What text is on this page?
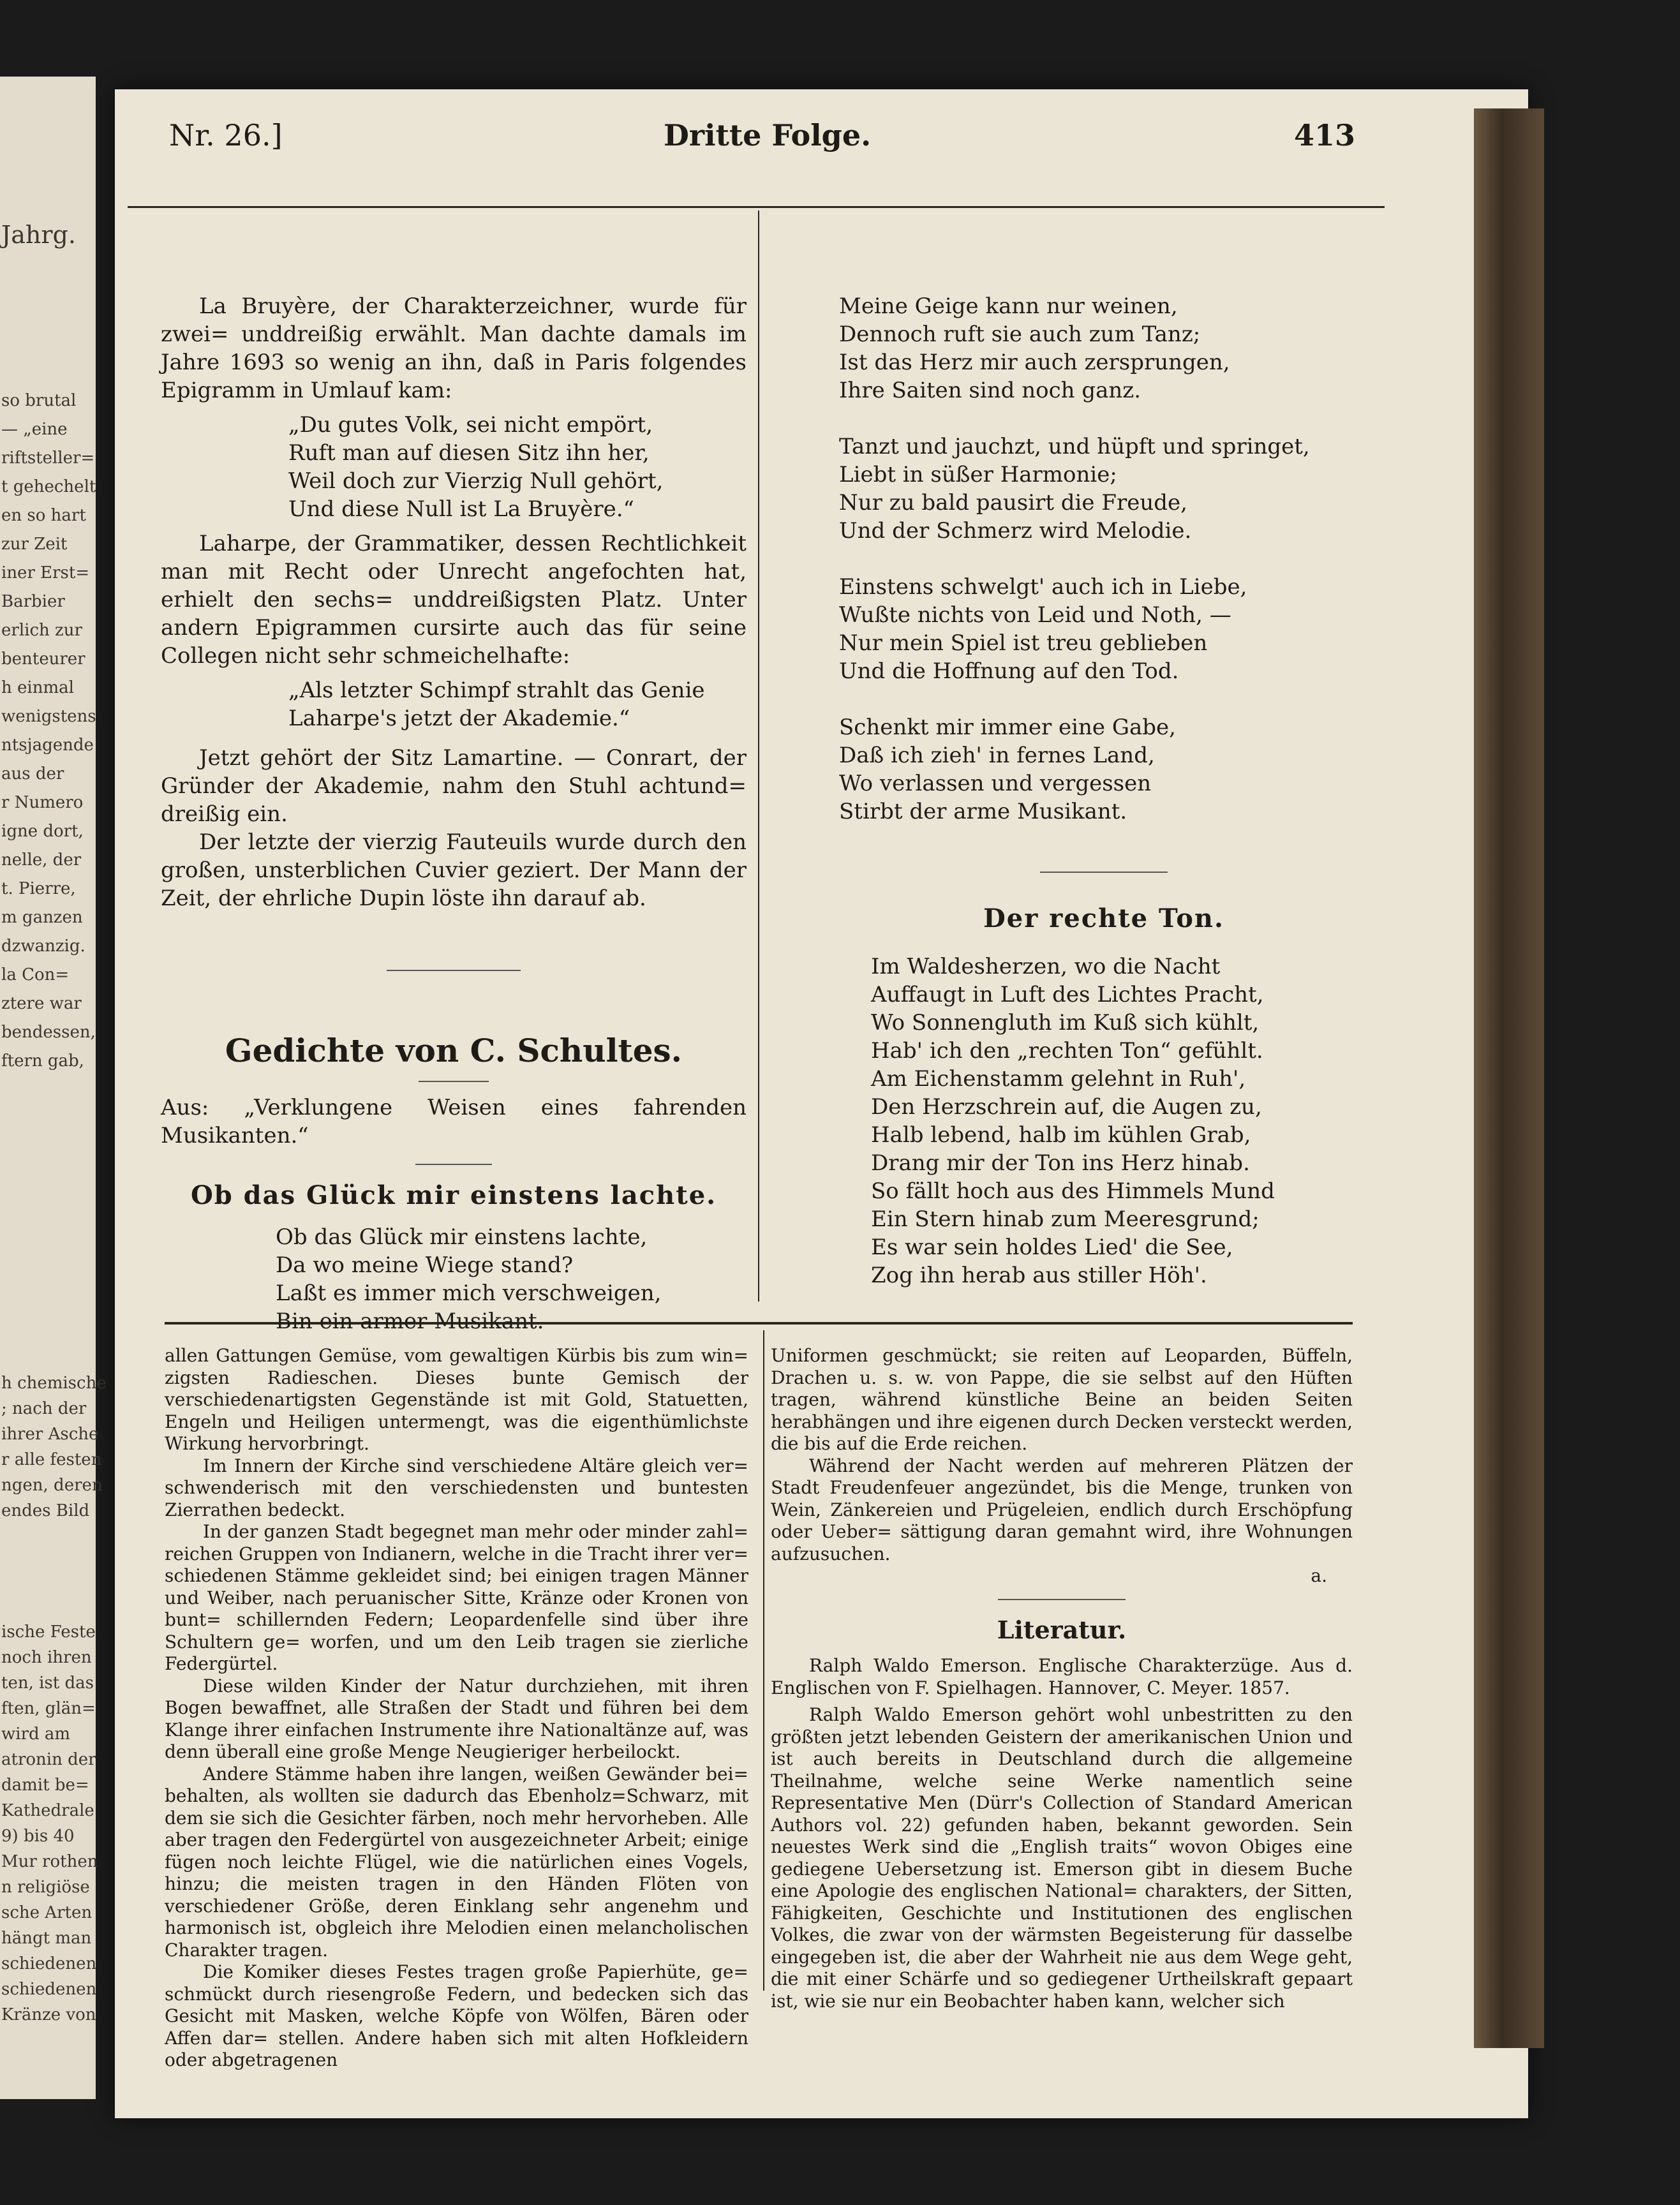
Jahrg.
so brutal
— „eine
riftsteller=
t gehechelt
en so hart
zur Zeit
iner Erst=
Barbier
erlich zur
benteurer
h einmal
wenigstens
ntsjagende
aus der
r Numero
igne dort,
nelle, der
t. Pierre,
m ganzen
dzwanzig.
la Con=
ztere war
bendessen,
ftern gab,
h chemische
; nach der
ihrer Asche
r alle festen
ngen, deren
endes Bild
ische Feste
noch ihren
ten, ist das
ften, glän=
wird am
atronin der
damit be=
Kathedrale
9) bis 40
Mur rothen
n religiöse
sche Arten
hängt man
schiedenen
schiedenen
Kränze von
Nr. 26.]	Dritte Folge.	413

La Bruyère, der Charakterzeichner, wurde für zwei= unddreißig erwählt. Man dachte damals im Jahre 1693 so wenig an ihn, daß in Paris folgendes Epigramm in Umlauf kam:

„Du gutes Volk, sei nicht empört,
Ruft man auf diesen Sitz ihn her,
Weil doch zur Vierzig Null gehört,
Und diese Null ist La Bruyère.“

Laharpe, der Grammatiker, dessen Rechtlichkeit man mit Recht oder Unrecht angefochten hat, erhielt den sechs= unddreißigsten Platz. Unter andern Epigrammen cursirte auch das für seine Collegen nicht sehr schmeichelhafte:

„Als letzter Schimpf strahlt das Genie
Laharpe's jetzt der Akademie.“

Jetzt gehört der Sitz Lamartine. — Conrart, der Gründer der Akademie, nahm den Stuhl achtund= dreißig ein.

Der letzte der vierzig Fauteuils wurde durch den großen, unsterblichen Cuvier geziert. Der Mann der Zeit, der ehrliche Dupin löste ihn darauf ab.

Gedichte von C. Schultes.
Aus: „Verklungene Weisen eines fahrenden Musikanten.“
Ob das Glück mir einstens lachte.
Ob das Glück mir einstens lachte,
Da wo meine Wiege stand?
Laßt es immer mich verschweigen,
Bin ein armer Musikant.
Meine Geige kann nur weinen,
Dennoch ruft sie auch zum Tanz;
Ist das Herz mir auch zersprungen,
Ihre Saiten sind noch ganz.
Tanzt und jauchzt, und hüpft und springet,
Liebt in süßer Harmonie;
Nur zu bald pausirt die Freude,
Und der Schmerz wird Melodie.
Einstens schwelgt' auch ich in Liebe,
Wußte nichts von Leid und Noth, —
Nur mein Spiel ist treu geblieben
Und die Hoffnung auf den Tod.
Schenkt mir immer eine Gabe,
Daß ich zieh' in fernes Land,
Wo verlassen und vergessen
Stirbt der arme Musikant.
Der rechte Ton.
Im Waldesherzen, wo die Nacht
Auffaugt in Luft des Lichtes Pracht,
Wo Sonnengluth im Kuß sich kühlt,
Hab' ich den „rechten Ton“ gefühlt.
Am Eichenstamm gelehnt in Ruh',
Den Herzschrein auf, die Augen zu,
Halb lebend, halb im kühlen Grab,
Drang mir der Ton ins Herz hinab.
So fällt hoch aus des Himmels Mund
Ein Stern hinab zum Meeresgrund;
Es war sein holdes Lied' die See,
Zog ihn herab aus stiller Höh'.

allen Gattungen Gemüse, vom gewaltigen Kürbis bis zum win= zigsten Radieschen. Dieses bunte Gemisch der verschiedenartigsten Gegenstände ist mit Gold, Statuetten, Engeln und Heiligen untermengt, was die eigenthümlichste Wirkung hervorbringt.

Im Innern der Kirche sind verschiedene Altäre gleich ver= schwenderisch mit den verschiedensten und buntesten Zierrathen bedeckt.

In der ganzen Stadt begegnet man mehr oder minder zahl= reichen Gruppen von Indianern, welche in die Tracht ihrer ver= schiedenen Stämme gekleidet sind; bei einigen tragen Männer und Weiber, nach peruanischer Sitte, Kränze oder Kronen von bunt= schillernden Federn; Leopardenfelle sind über ihre Schultern ge= worfen, und um den Leib tragen sie zierliche Federgürtel.

Diese wilden Kinder der Natur durchziehen, mit ihren Bogen bewaffnet, alle Straßen der Stadt und führen bei dem Klange ihrer einfachen Instrumente ihre Nationaltänze auf, was denn überall eine große Menge Neugieriger herbeilockt.

Andere Stämme haben ihre langen, weißen Gewänder bei= behalten, als wollten sie dadurch das Ebenholz=Schwarz, mit dem sie sich die Gesichter färben, noch mehr hervorheben. Alle aber tragen den Federgürtel von ausgezeichneter Arbeit; einige fügen noch leichte Flügel, wie die natürlichen eines Vogels, hinzu; die meisten tragen in den Händen Flöten von verschiedener Größe, deren Einklang sehr angenehm und harmonisch ist, obgleich ihre Melodien einen melancholischen Charakter tragen.

Die Komiker dieses Festes tragen große Papierhüte, ge= schmückt durch riesengroße Federn, und bedecken sich das Gesicht mit Masken, welche Köpfe von Wölfen, Bären oder Affen dar= stellen. Andere haben sich mit alten Hofkleidern oder abgetragenen

Uniformen geschmückt; sie reiten auf Leoparden, Büffeln, Drachen u. s. w. von Pappe, die sie selbst auf den Hüften tragen, während künstliche Beine an beiden Seiten herabhängen und ihre eigenen durch Decken versteckt werden, die bis auf die Erde reichen.

Während der Nacht werden auf mehreren Plätzen der Stadt Freudenfeuer angezündet, bis die Menge, trunken von Wein, Zänkereien und Prügeleien, endlich durch Erschöpfung oder Ueber= sättigung daran gemahnt wird, ihre Wohnungen aufzusuchen.

a.
Literatur.

Ralph Waldo Emerson. Englische Charakterzüge. Aus d. Englischen von F. Spielhagen. Hannover, C. Meyer. 1857.

Ralph Waldo Emerson gehört wohl unbestritten zu den größten jetzt lebenden Geistern der amerikanischen Union und ist auch bereits in Deutschland durch die allgemeine Theilnahme, welche seine Werke namentlich seine Representative Men (Dürr's Collection of Standard American Authors vol. 22) gefunden haben, bekannt geworden. Sein neuestes Werk sind die „English traits“ wovon Obiges eine gediegene Uebersetzung ist. Emerson gibt in diesem Buche eine Apologie des englischen National= charakters, der Sitten, Fähigkeiten, Geschichte und Institutionen des englischen Volkes, die zwar von der wärmsten Begeisterung für dasselbe eingegeben ist, die aber der Wahrheit nie aus dem Wege geht, die mit einer Schärfe und so gediegener Urtheilskraft gepaart ist, wie sie nur ein Beobachter haben kann, welcher sich
